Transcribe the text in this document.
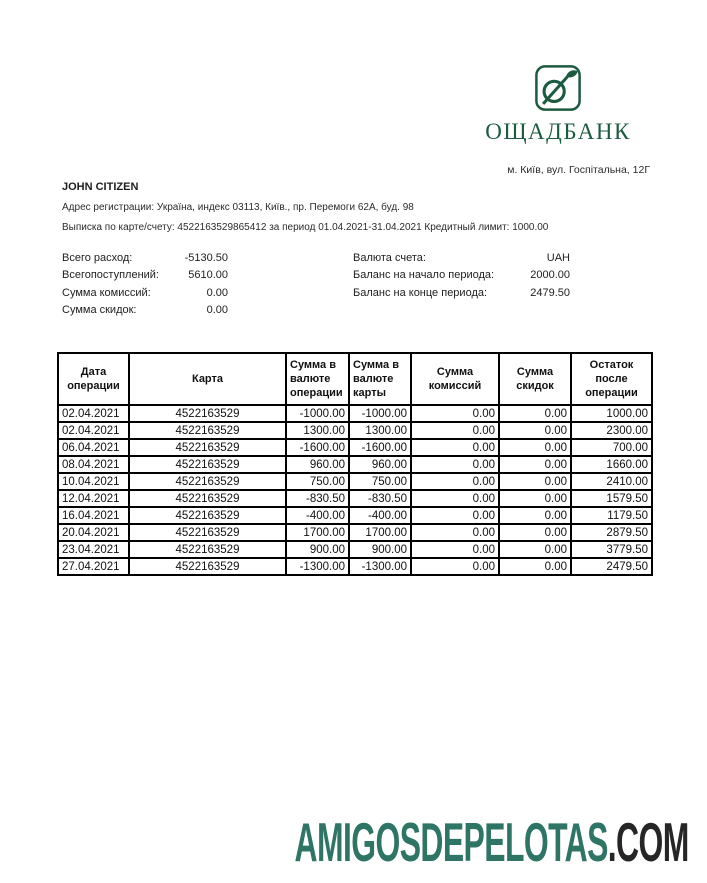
ОЩАДБАНК
м. Київ, вул. Госпітальна, 12Г
JOHN CITIZEN
Адрес регистрации: Україна, индекс 03113, Київ., пр. Перемоги 62А, буд. 98
Выписка по карте/счету: 4522163529865412 за период 01.04.2021-31.04.2021 Кредитный лимит: 1000.00
Всего расход:	-5130.50
Всегопоступлений:	5610.00
Сумма комиссий:	0.00
Сумма скидок:	0.00
Валюта счета:	UAH
Баланс на начало периода:	2000.00
Баланс на конце периода:	2479.50
Дата операции	Карта	Сумма в валюте операции	Сумма в валюте карты	Сумма комиссий	Сумма скидок	Остаток после операции
02.04.2021	4522163529	-1000.00	-1000.00	0.00	0.00	1000.00
02.04.2021	4522163529	1300.00	1300.00	0.00	0.00	2300.00
06.04.2021	4522163529	-1600.00	-1600.00	0.00	0.00	700.00
08.04.2021	4522163529	960.00	960.00	0.00	0.00	1660.00
10.04.2021	4522163529	750.00	750.00	0.00	0.00	2410.00
12.04.2021	4522163529	-830.50	-830.50	0.00	0.00	1579.50
16.04.2021	4522163529	-400.00	-400.00	0.00	0.00	1179.50
20.04.2021	4522163529	1700.00	1700.00	0.00	0.00	2879.50
23.04.2021	4522163529	900.00	900.00	0.00	0.00	3779.50
27.04.2021	4522163529	-1300.00	-1300.00	0.00	0.00	2479.50
AMIGOSDEPELOTAS.COM
